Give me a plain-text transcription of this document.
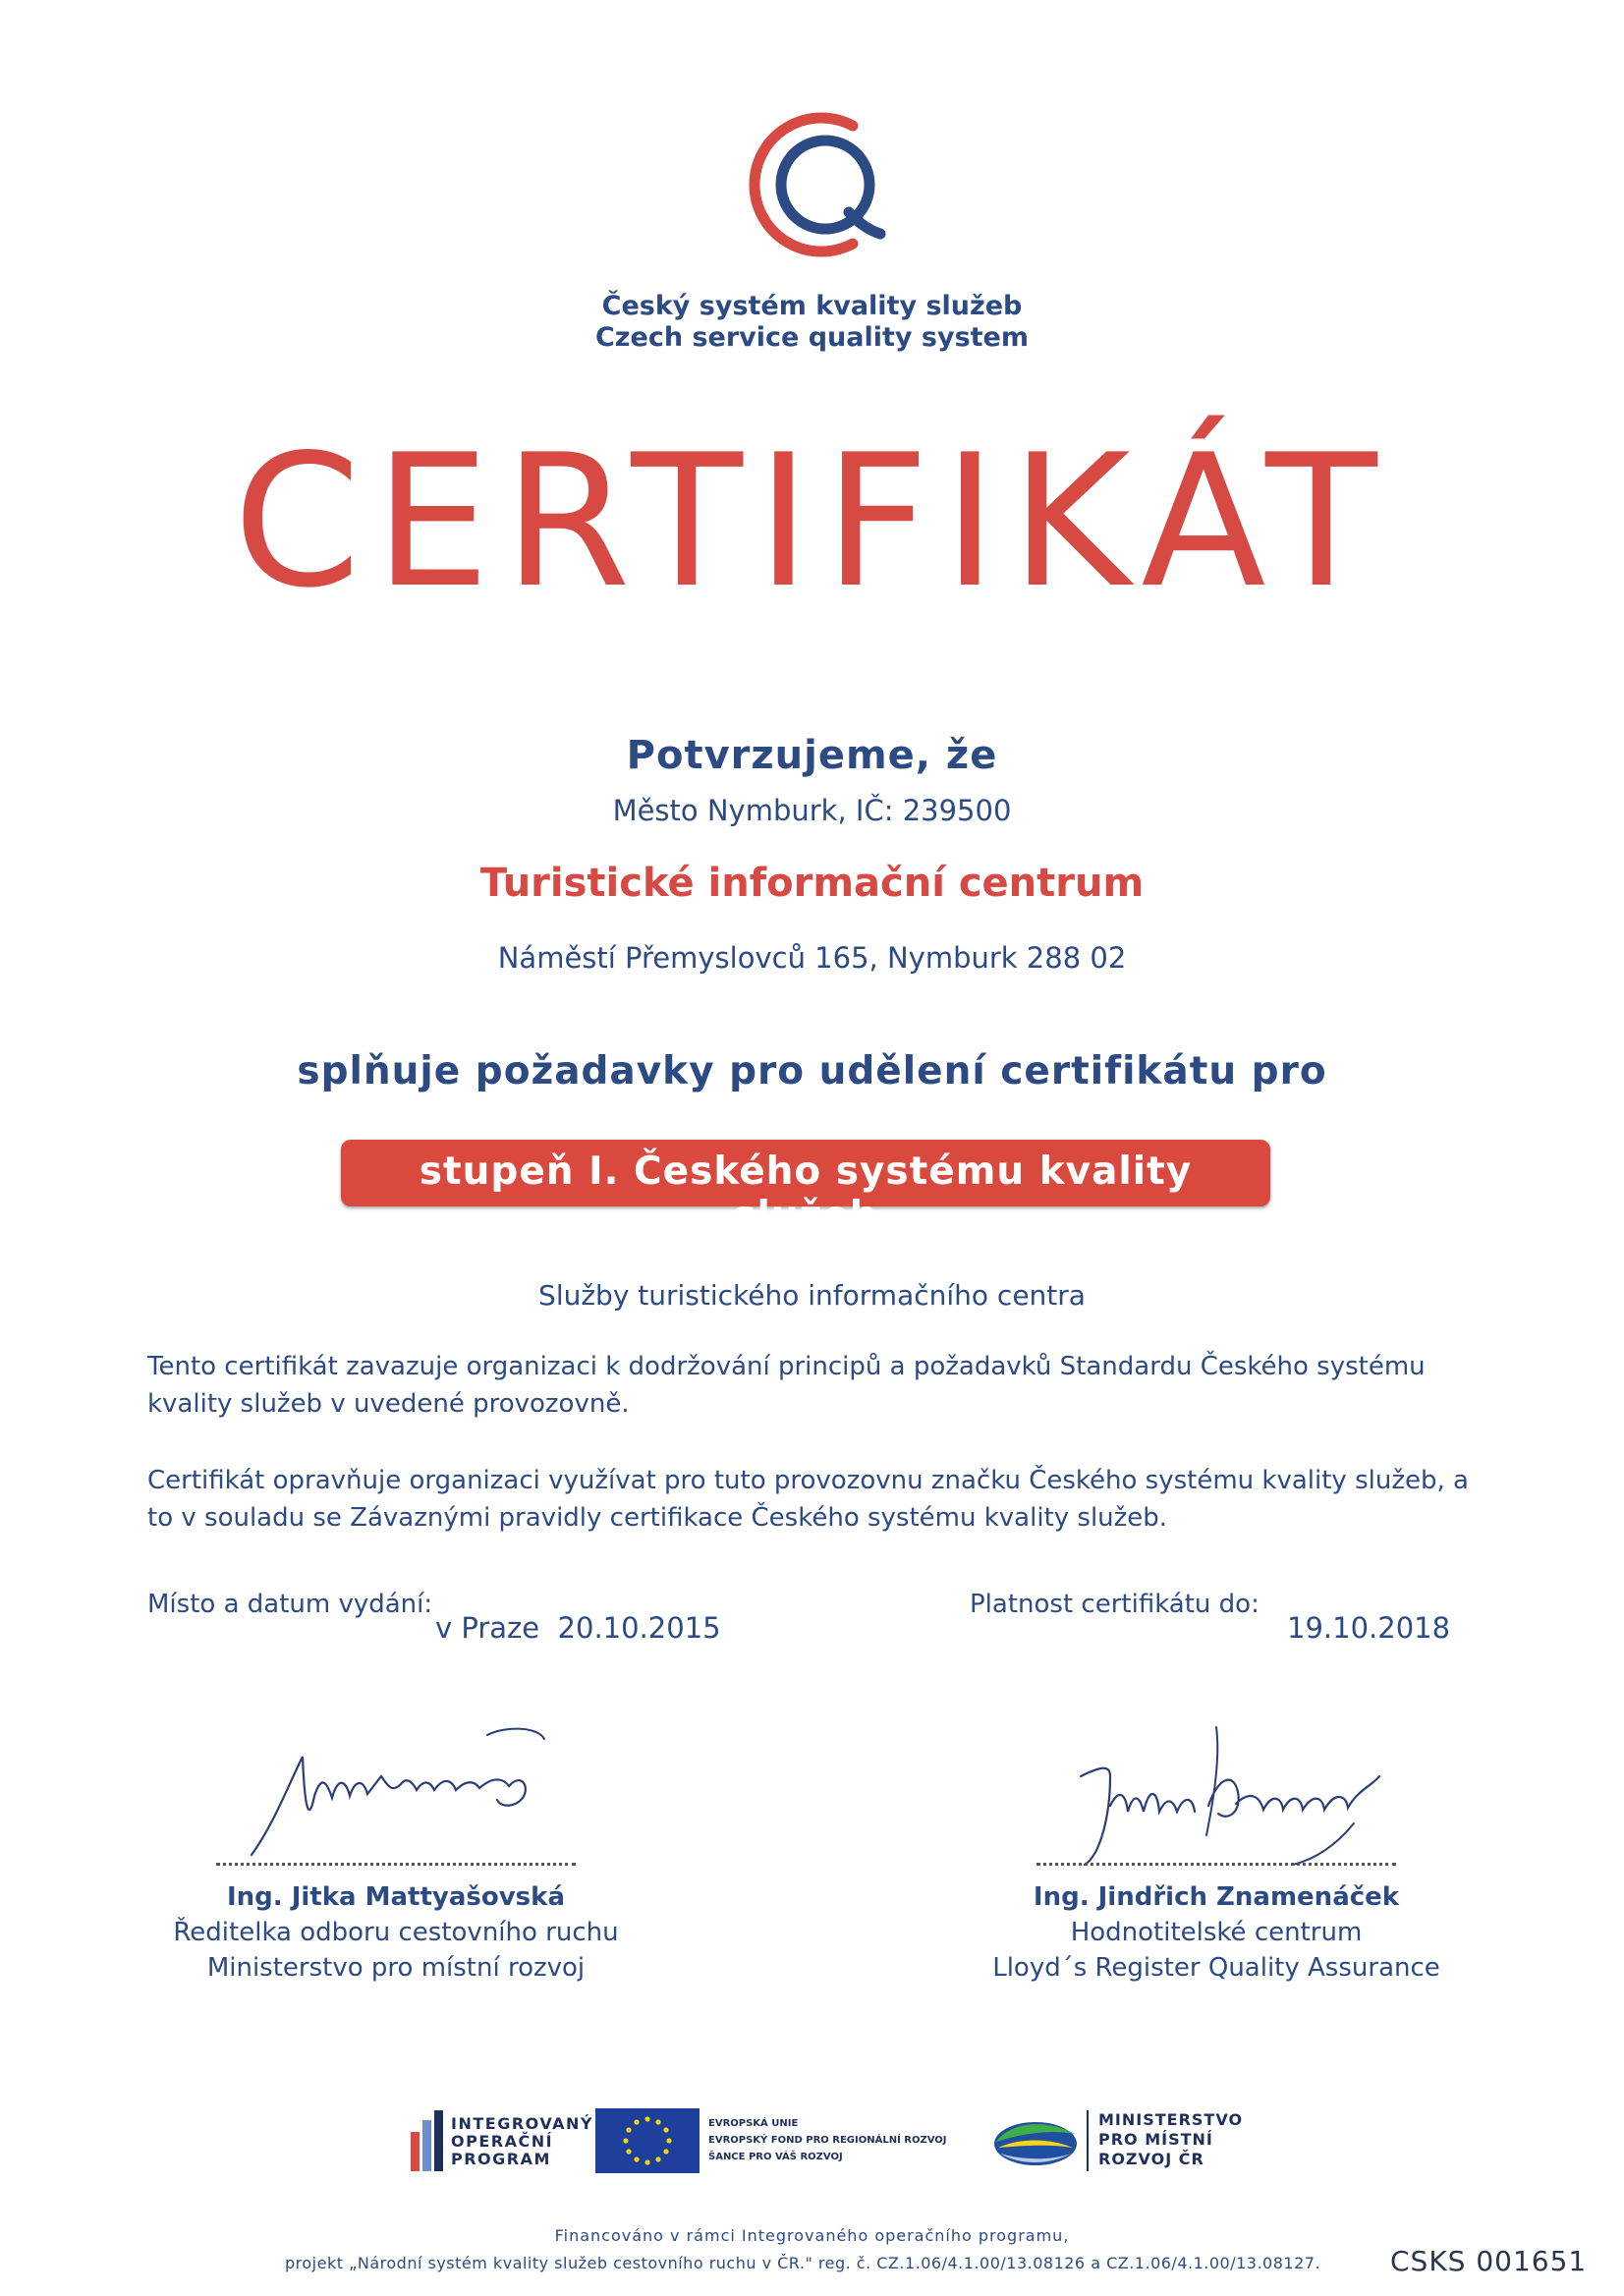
Český systém kvality služeb
Czech service quality system
CERTIFIKÁT
Potvrzujeme, že
Město Nymburk, IČ: 239500
Turistické informační centrum
Náměstí Přemyslovců 165, Nymburk 288 02
splňuje požadavky pro udělení certifikátu pro
stupeň I. Českého systému kvality služeb
Služby turistického informačního centra
Tento certifikát zavazuje organizaci k dodržování principů a požadavků Standardu Českého systému kvality služeb v uvedené provozovně.
Certifikát opravňuje organizaci využívat pro tuto provozovnu značku Českého systému kvality služeb, a to v souladu se Závaznými pravidly certifikace Českého systému kvality služeb.
Místo a datum vydání:
v Praze  20.10.2015
Platnost certifikátu do:
19.10.2018
Ing. Jitka Mattyašovská
Ředitelka odboru cestovního ruchu
Ministerstvo pro místní rozvoj
Ing. Jindřich Znamenáček
Hodnotitelské centrum
Lloyd´s Register Quality Assurance
INTEGROVANÝ
OPERAČNÍ
PROGRAM
EVROPSKÁ UNIE
EVROPSKÝ FOND PRO REGIONÁLNÍ ROZVOJ
ŠANCE PRO VÁŠ ROZVOJ
MINISTERSTVO
PRO MÍSTNÍ
ROZVOJ ČR
Financováno v rámci Integrovaného operačního programu,
projekt „Národní systém kvality služeb cestovního ruchu v ČR." reg. č. CZ.1.06/4.1.00/13.08126 a CZ.1.06/4.1.00/13.08127.	CSKS 001651
